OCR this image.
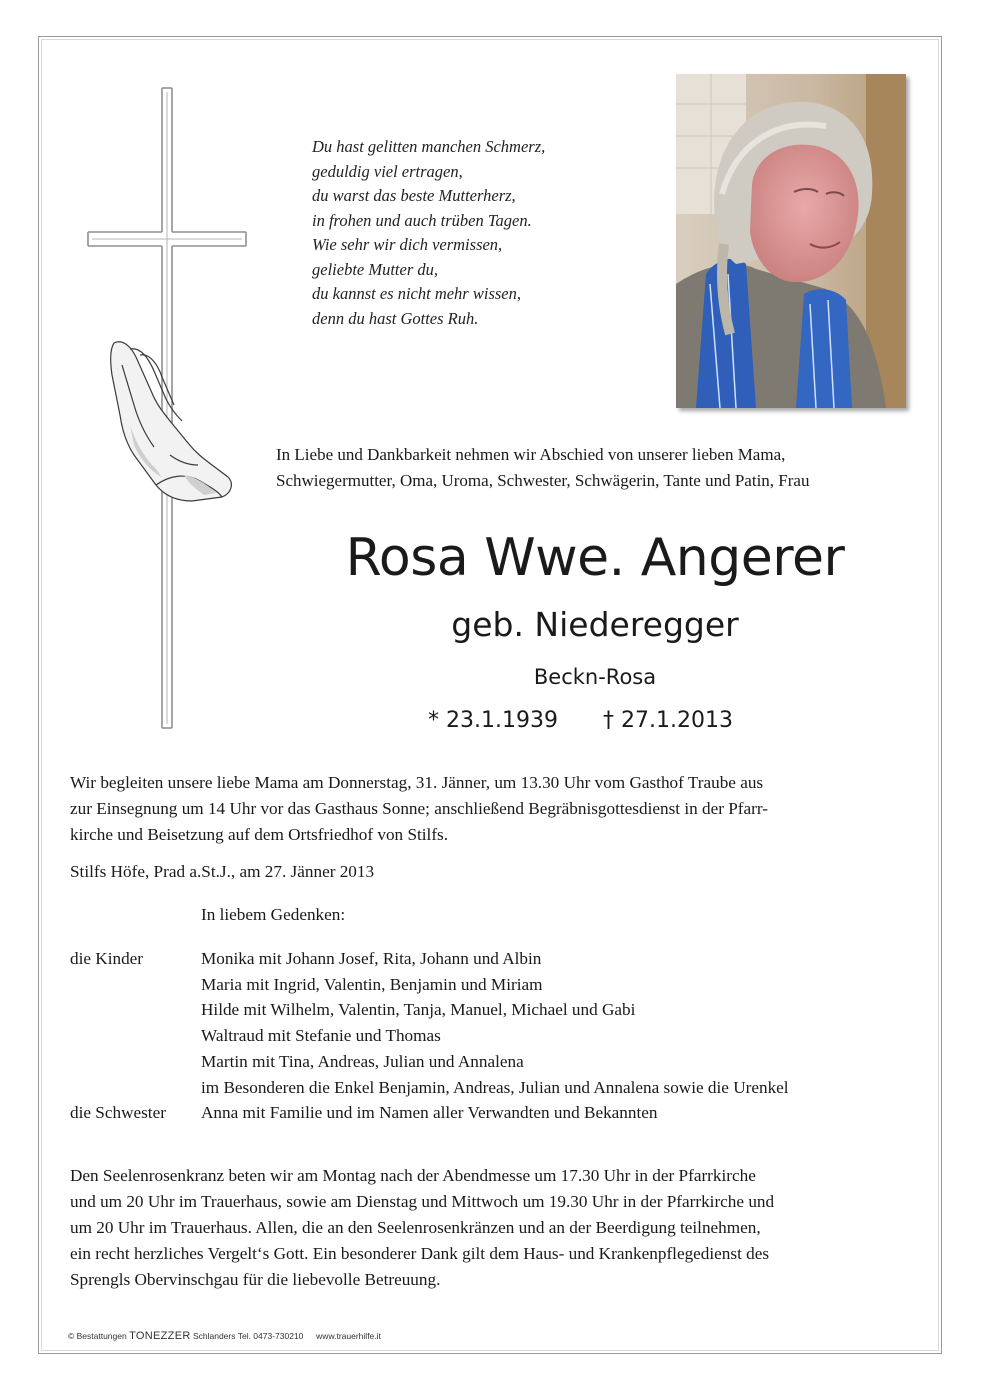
Du hast gelitten manchen Schmerz,
geduldig viel ertragen,
du warst das beste Mutterherz,
in frohen und auch trüben Tagen.
Wie sehr wir dich vermissen,
geliebte Mutter du,
du kannst es nicht mehr wissen,
denn du hast Gottes Ruh.
In Liebe und Dankbarkeit nehmen wir Abschied von unserer lieben Mama,
Schwiegermutter, Oma, Uroma, Schwester, Schwägerin, Tante und Patin, Frau
Rosa Wwe. Angerer
geb. Niederegger
Beckn-Rosa
* 23.1.1939 † 27.1.2013
Wir begleiten unsere liebe Mama am Donnerstag, 31. Jänner, um 13.30 Uhr vom Gasthof Traube aus
zur Einsegnung um 14 Uhr vor das Gasthaus Sonne; anschließend Begräbnisgottesdienst in der Pfarr-
kirche und Beisetzung auf dem Ortsfriedhof von Stilfs.
Stilfs Höfe, Prad a.St.J., am 27. Jänner 2013
In liebem Gedenken:
die Kinder	Monika mit Johann Josef, Rita, Johann und Albin
Maria mit Ingrid, Valentin, Benjamin und Miriam
Hilde mit Wilhelm, Valentin, Tanja, Manuel, Michael und Gabi
Waltraud mit Stefanie und Thomas
Martin mit Tina, Andreas, Julian und Annalena
im Besonderen die Enkel Benjamin, Andreas, Julian und Annalena sowie die Urenkel
die Schwester	Anna mit Familie und im Namen aller Verwandten und Bekannten
Den Seelenrosenkranz beten wir am Montag nach der Abendmesse um 17.30 Uhr in der Pfarrkirche
und um 20 Uhr im Trauerhaus, sowie am Dienstag und Mittwoch um 19.30 Uhr in der Pfarrkirche und
um 20 Uhr im Trauerhaus. Allen, die an den Seelenrosenkränzen und an der Beerdigung teilnehmen,
ein recht herzliches Vergelt‘s Gott. Ein besonderer Dank gilt dem Haus- und Krankenpflegedienst des
Sprengls Obervinschgau für die liebevolle Betreuung.
© Bestattungen TONEZZER Schlanders Tel. 0473-730210 www.trauerhilfe.it
